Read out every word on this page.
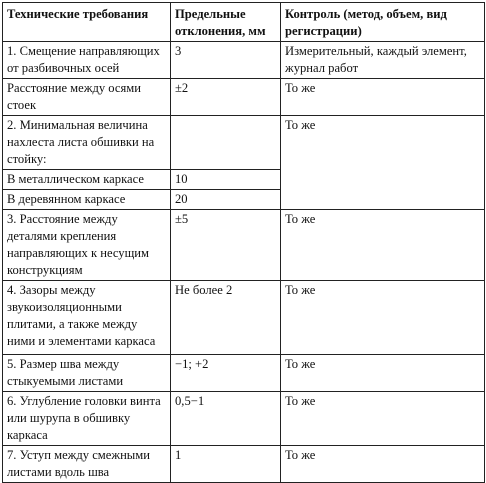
Технические требования	Предельные отклонения, мм	Контроль (метод, объем, вид регистрации)
1. Смещение направляющих от разбивочных осей	3	Измерительный, каждый элемент, журнал работ
Расстояние между осями стоек	±2	То же
2. Минимальная величина нахлеста листа обшивки на стойку:		То же
В металлическом каркасе	10	
В деревянном каркасе	20	
3. Расстояние между деталями крепления направляющих к несущим конструкциям	±5	То же
4. Зазоры между звукоизоляционными плитами, а также между ними и элементами каркаса	Не более 2	То же
5. Размер шва между стыкуемыми листами	−1; +2	То же
6. Углубление головки винта или шурупа в обшивку каркаса	0,5−1	То же
7. Уступ между смежными листами вдоль шва	1	То же
